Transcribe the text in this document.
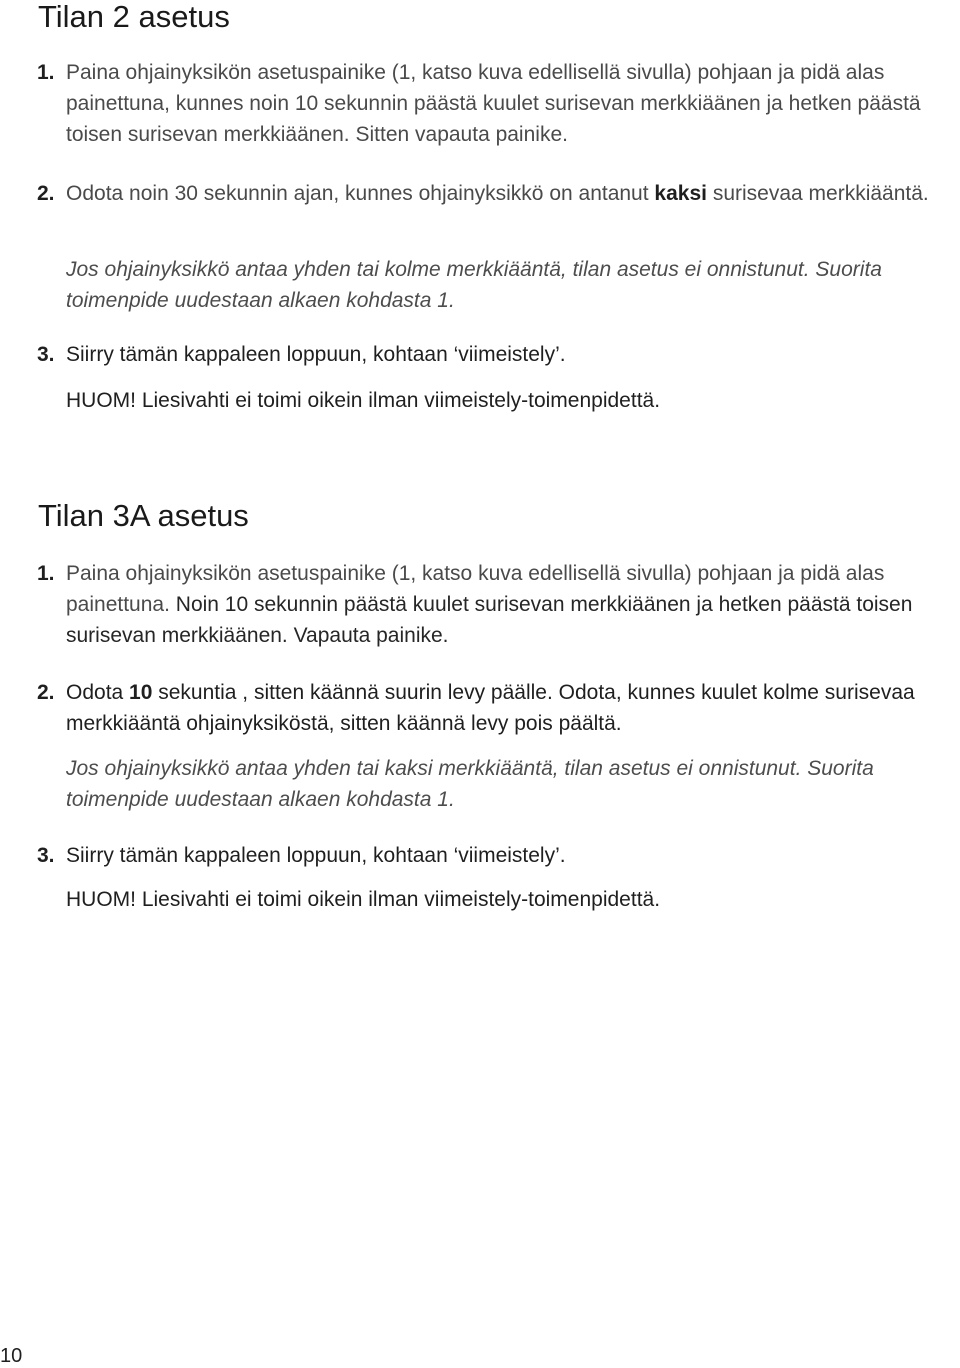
Tilan 2 asetus

1. Paina ohjainyksikön asetuspainike (1, katso kuva edellisellä sivulla) pohjaan ja pidä alas painettuna, kunnes noin 10 sekunnin päästä kuulet surisevan merkkiäänen ja hetken päästä toisen surisevan merkkiäänen. Sitten vapauta painike.

2. Odota noin 30 sekunnin ajan, kunnes ohjainyksikkö on antanut kaksi surisevaa merkkiääntä.

Jos ohjainyksikkö antaa yhden tai kolme merkkiääntä, tilan asetus ei onnistunut. Suorita toimenpide uudestaan alkaen kohdasta 1.

3. Siirry tämän kappaleen loppuun, kohtaan ‘viimeistely’.

HUOM! Liesivahti ei toimi oikein ilman viimeistely-toimenpidettä.

Tilan 3A asetus

1. Paina ohjainyksikön asetuspainike (1, katso kuva edellisellä sivulla) pohjaan ja pidä alas painettuna. Noin 10 sekunnin päästä kuulet surisevan merkkiäänen ja hetken päästä toisen surisevan merkkiäänen. Vapauta painike.

2. Odota 10 sekuntia , sitten käännä suurin levy päälle. Odota, kunnes kuulet kolme surisevaa merkkiääntä ohjainyksiköstä, sitten käännä levy pois päältä.

Jos ohjainyksikkö antaa yhden tai kaksi merkkiääntä, tilan asetus ei onnistunut. Suorita toimenpide uudestaan alkaen kohdasta 1.

3. Siirry tämän kappaleen loppuun, kohtaan ‘viimeistely’.

HUOM! Liesivahti ei toimi oikein ilman viimeistely-toimenpidettä.

10
